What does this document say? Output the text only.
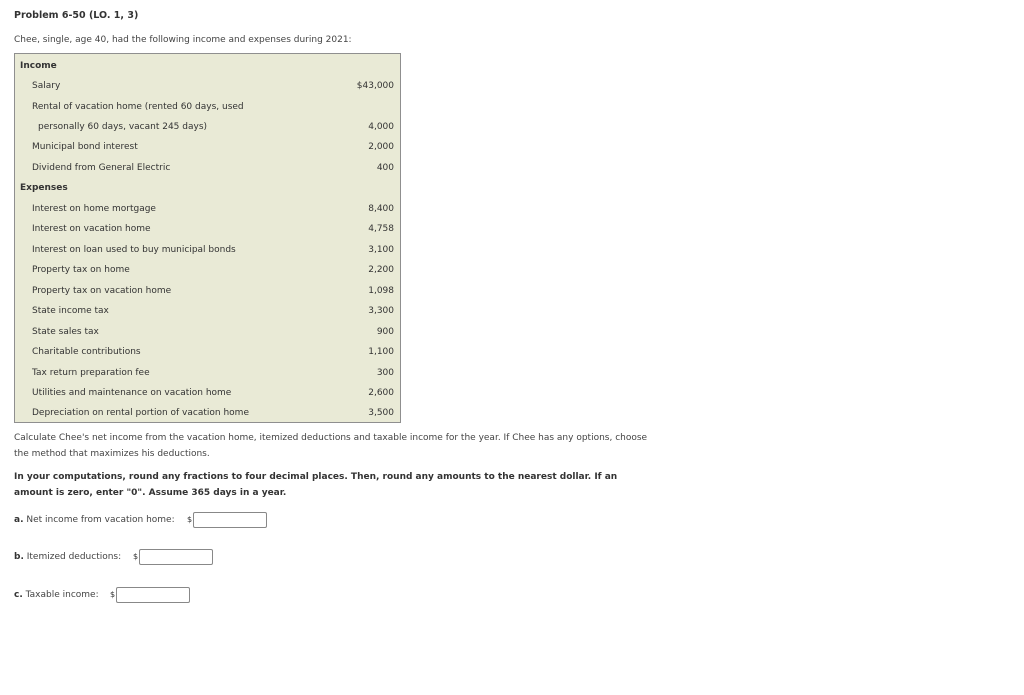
Problem 6-50 (LO. 1, 3)
Chee, single, age 40, had the following income and expenses during 2021:
Income
Salary	$43,000
Rental of vacation home (rented 60 days, used
personally 60 days, vacant 245 days)	4,000
Municipal bond interest	2,000
Dividend from General Electric	400
Expenses
Interest on home mortgage	8,400
Interest on vacation home	4,758
Interest on loan used to buy municipal bonds	3,100
Property tax on home	2,200
Property tax on vacation home	1,098
State income tax	3,300
State sales tax	900
Charitable contributions	1,100
Tax return preparation fee	300
Utilities and maintenance on vacation home	2,600
Depreciation on rental portion of vacation home	3,500
Calculate Chee's net income from the vacation home, itemized deductions and taxable income for the year. If Chee has any options, choose
the method that maximizes his deductions.
In your computations, round any fractions to four decimal places. Then, round any amounts to the nearest dollar. If an
amount is zero, enter "0". Assume 365 days in a year.
a. Net income from vacation home: $
b. Itemized deductions: $
c. Taxable income: $
